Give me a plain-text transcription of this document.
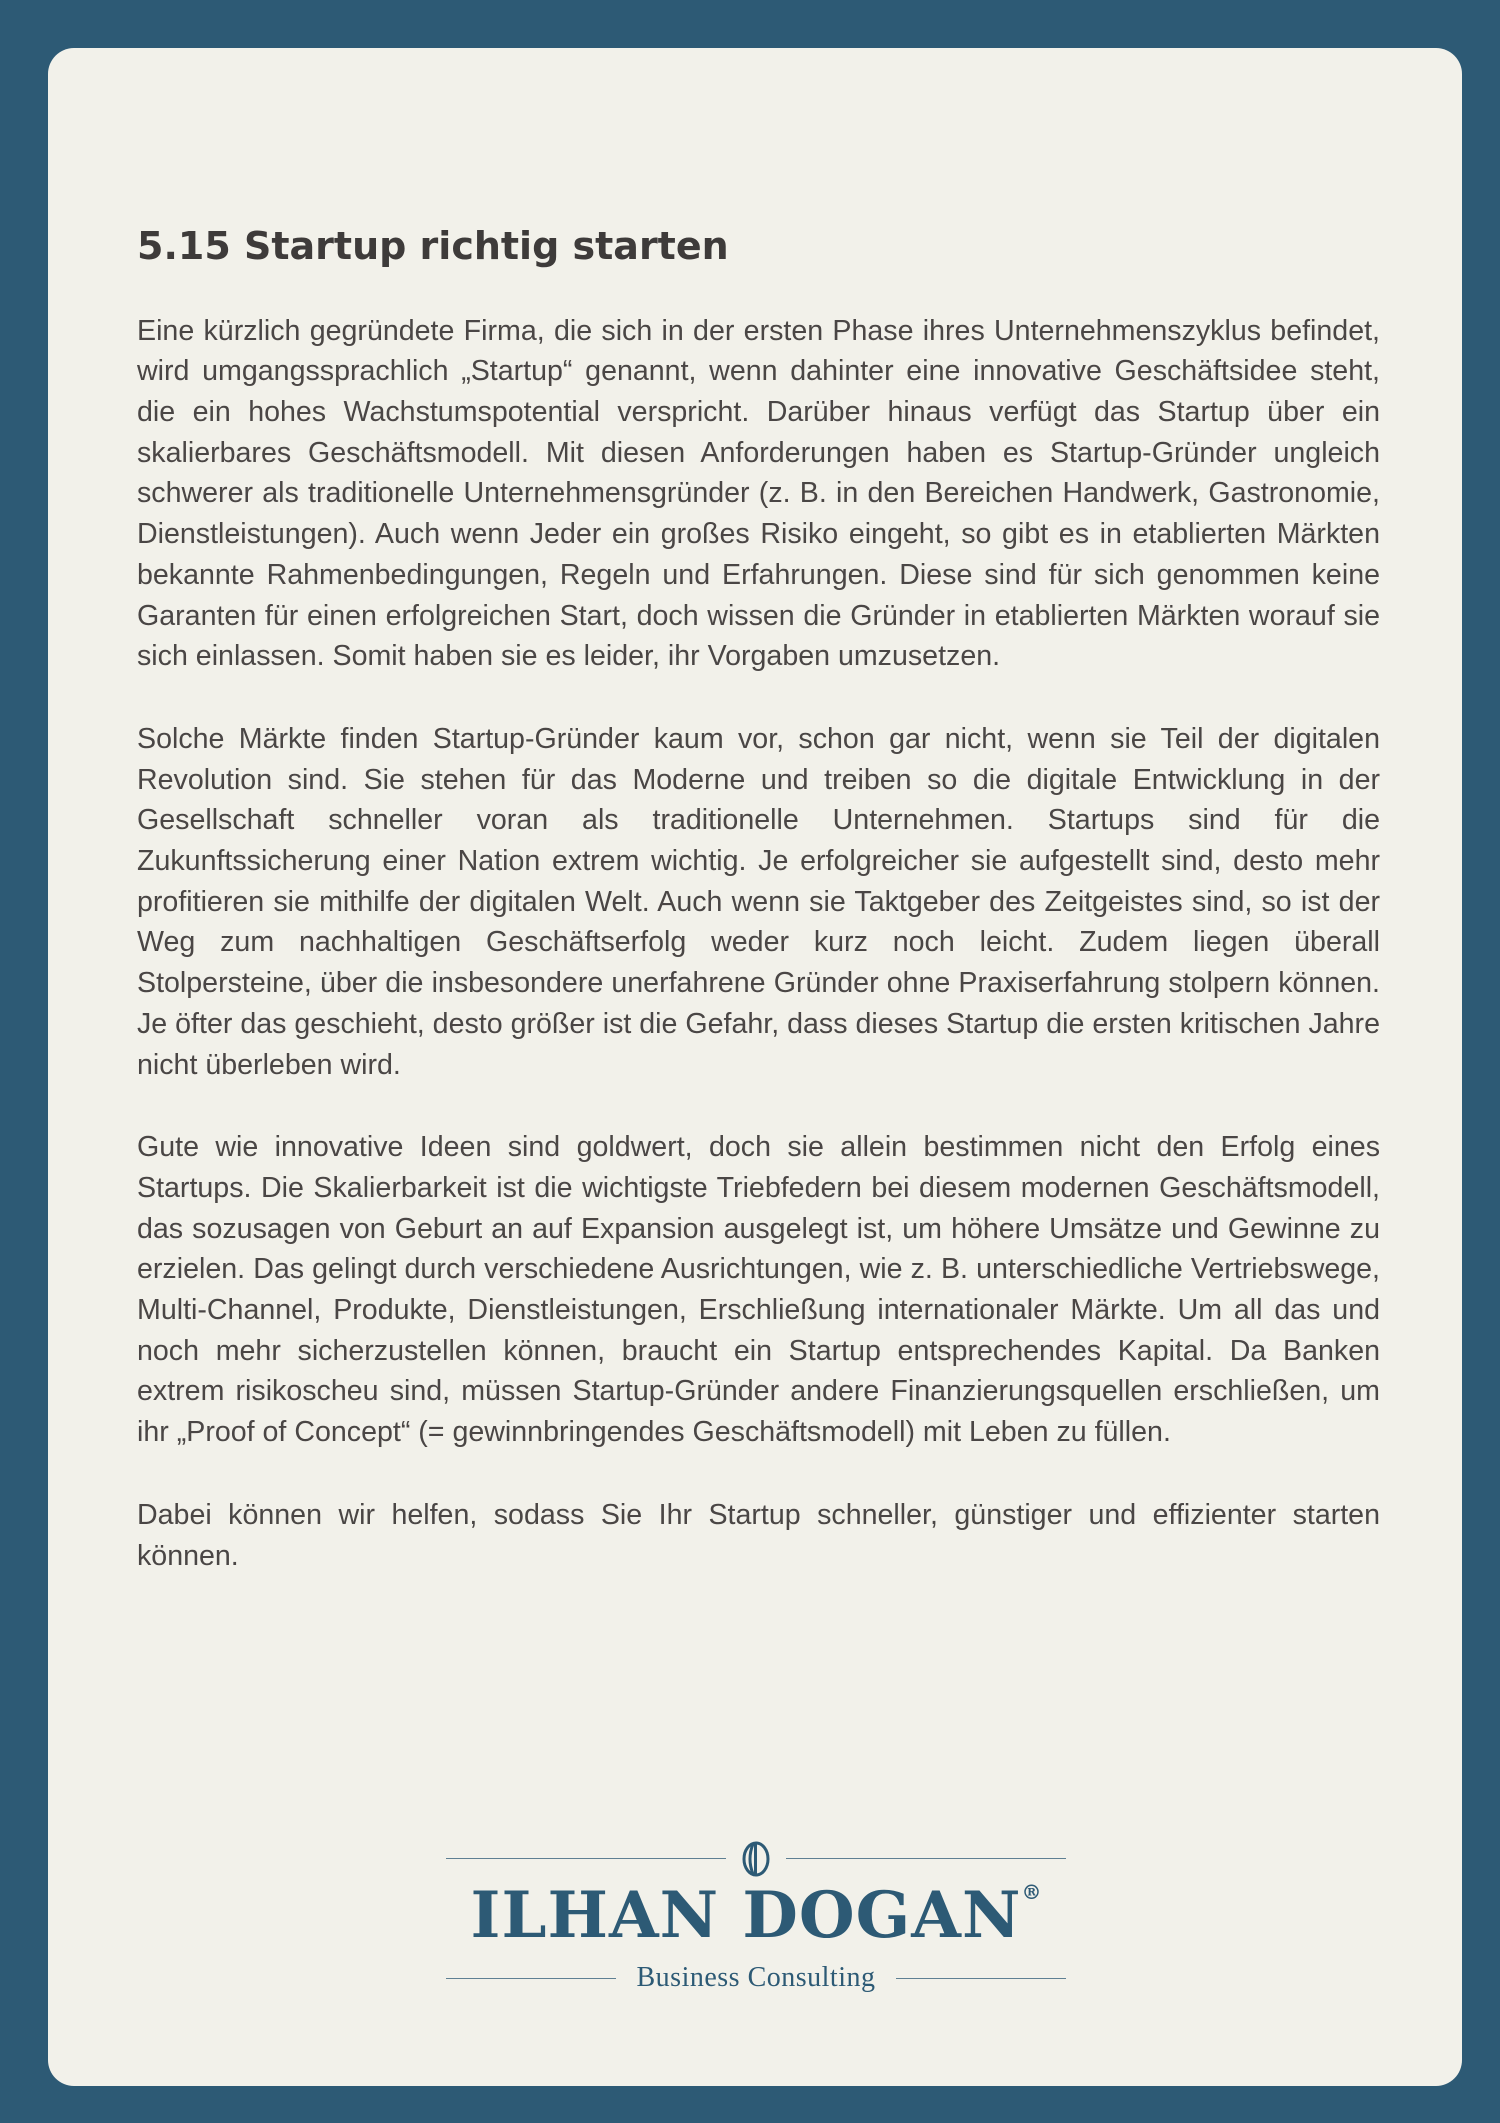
5.15 Startup richtig starten

Eine kürzlich gegründete Firma, die sich in der ersten Phase ihres Unternehmenszyklus befindet, wird umgangssprachlich „Startup“ genannt, wenn dahinter eine innovative Geschäftsidee steht, die ein hohes Wachstumspotential verspricht. Darüber hinaus verfügt das Startup über ein skalierbares Geschäftsmodell. Mit diesen Anforderungen haben es Startup-Gründer ungleich schwerer als traditionelle Unternehmensgründer (z. B. in den Bereichen Handwerk, Gastronomie, Dienstleistungen). Auch wenn Jeder ein großes Risiko eingeht, so gibt es in etablierten Märkten bekannte Rahmenbedingungen, Regeln und Erfahrungen. Diese sind für sich genommen keine Garanten für einen erfolgreichen Start, doch wissen die Gründer in etablierten Märkten worauf sie sich einlassen. Somit haben sie es leider, ihr Vorgaben umzusetzen.

Solche Märkte finden Startup-Gründer kaum vor, schon gar nicht, wenn sie Teil der digitalen Revolution sind. Sie stehen für das Moderne und treiben so die digitale Entwicklung in der Gesellschaft schneller voran als traditionelle Unternehmen. Startups sind für die Zukunftssicherung einer Nation extrem wichtig. Je erfolgreicher sie aufgestellt sind, desto mehr profitieren sie mithilfe der digitalen Welt. Auch wenn sie Taktgeber des Zeitgeistes sind, so ist der Weg zum nachhaltigen Geschäftserfolg weder kurz noch leicht. Zudem liegen überall Stolpersteine, über die insbesondere unerfahrene Gründer ohne Praxiserfahrung stolpern können. Je öfter das geschieht, desto größer ist die Gefahr, dass dieses Startup die ersten kritischen Jahre nicht überleben wird.

Gute wie innovative Ideen sind goldwert, doch sie allein bestimmen nicht den Erfolg eines Startups. Die Skalierbarkeit ist die wichtigste Triebfedern bei diesem modernen Geschäftsmodell, das sozusagen von Geburt an auf Expansion ausgelegt ist, um höhere Umsätze und Gewinne zu erzielen. Das gelingt durch verschiedene Ausrichtungen, wie z. B. unterschiedliche Vertriebswege, Multi-Channel, Produkte, Dienstleistungen, Erschließung internationaler Märkte. Um all das und noch mehr sicherzustellen können, braucht ein Startup entsprechendes Kapital. Da Banken extrem risikoscheu sind, müssen Startup-Gründer andere Finanzierungsquellen erschließen, um ihr „Proof of Concept“ (= gewinnbringendes Geschäftsmodell) mit Leben zu füllen.

Dabei können wir helfen, sodass Sie Ihr Startup schneller, günstiger und effizienter starten können.

ILHAN DOGAN®
Business Consulting
